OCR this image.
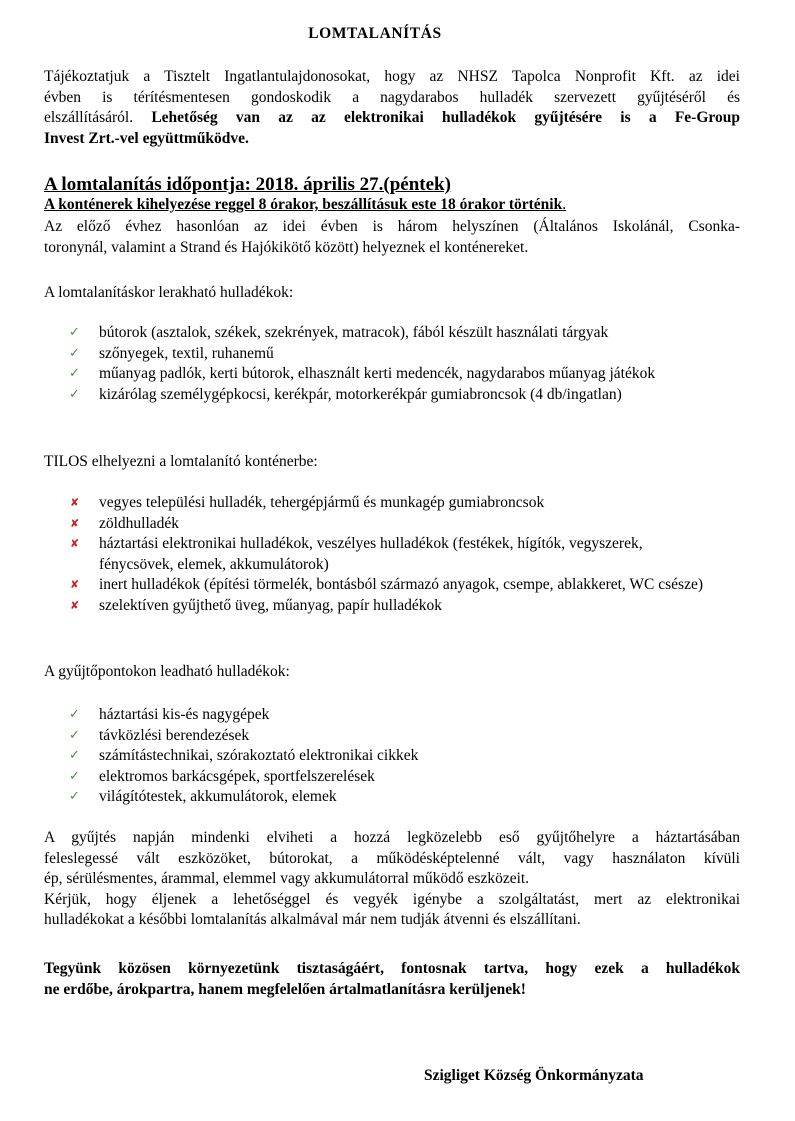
LOMTALANÍTÁS
Tájékoztatjuk a Tisztelt Ingatlantulajdonosokat, hogy az NHSZ Tapolca Nonprofit Kft. az idei
évben is térítésmentesen gondoskodik a nagydarabos hulladék szervezett gyűjtéséről és
elszállításáról. Lehetőség van az az elektronikai hulladékok gyűjtésére is a Fe-Group
Invest Zrt.-vel együttműködve.
A lomtalanítás időpontja: 2018. április 27.(péntek)
A konténerek kihelyezése reggel 8 órakor, beszállításuk este 18 órakor történik.
Az előző évhez hasonlóan az idei évben is három helyszínen (Általános Iskolánál, Csonka-
toronynál, valamint a Strand és Hajókikötő között) helyeznek el konténereket.
A lomtalanításkor lerakható hulladékok:
✓	bútorok (asztalok, székek, szekrények, matracok), fából készült használati tárgyak
✓	szőnyegek, textil, ruhanemű
✓	műanyag padlók, kerti bútorok, elhasznált kerti medencék, nagydarabos műanyag játékok
✓	kizárólag személygépkocsi, kerékpár, motorkerékpár gumiabroncsok (4 db/ingatlan)
TILOS elhelyezni a lomtalanító konténerbe:
✘	vegyes települési hulladék, tehergépjármű és munkagép gumiabroncsok
✘	zöldhulladék
✘	háztartási elektronikai hulladékok, veszélyes hulladékok (festékek, hígítók, vegyszerek, fénycsövek, elemek, akkumulátorok)
✘	inert hulladékok (építési törmelék, bontásból származó anyagok, csempe, ablakkeret, WC csésze)
✘	szelektíven gyűjthető üveg, műanyag, papír hulladékok
A gyűjtőpontokon leadható hulladékok:
✓	háztartási kis-és nagygépek
✓	távközlési berendezések
✓	számítástechnikai, szórakoztató elektronikai cikkek
✓	elektromos barkácsgépek, sportfelszerelések
✓	világítótestek, akkumulátorok, elemek
A gyűjtés napján mindenki elviheti a hozzá legközelebb eső gyűjtőhelyre a háztartásában
feleslegessé vált eszközöket, bútorokat, a működésképtelenné vált, vagy használaton kívüli
ép, sérülésmentes, árammal, elemmel vagy akkumulátorral működő eszközeit.
Kérjük, hogy éljenek a lehetőséggel és vegyék igénybe a szolgáltatást, mert az elektronikai
hulladékokat a későbbi lomtalanítás alkalmával már nem tudják átvenni és elszállítani.
Tegyünk közösen környezetünk tisztaságáért, fontosnak tartva, hogy ezek a hulladékok
ne erdőbe, árokpartra, hanem megfelelően ártalmatlanításra kerüljenek!
Szigliget Község Önkormányzata
